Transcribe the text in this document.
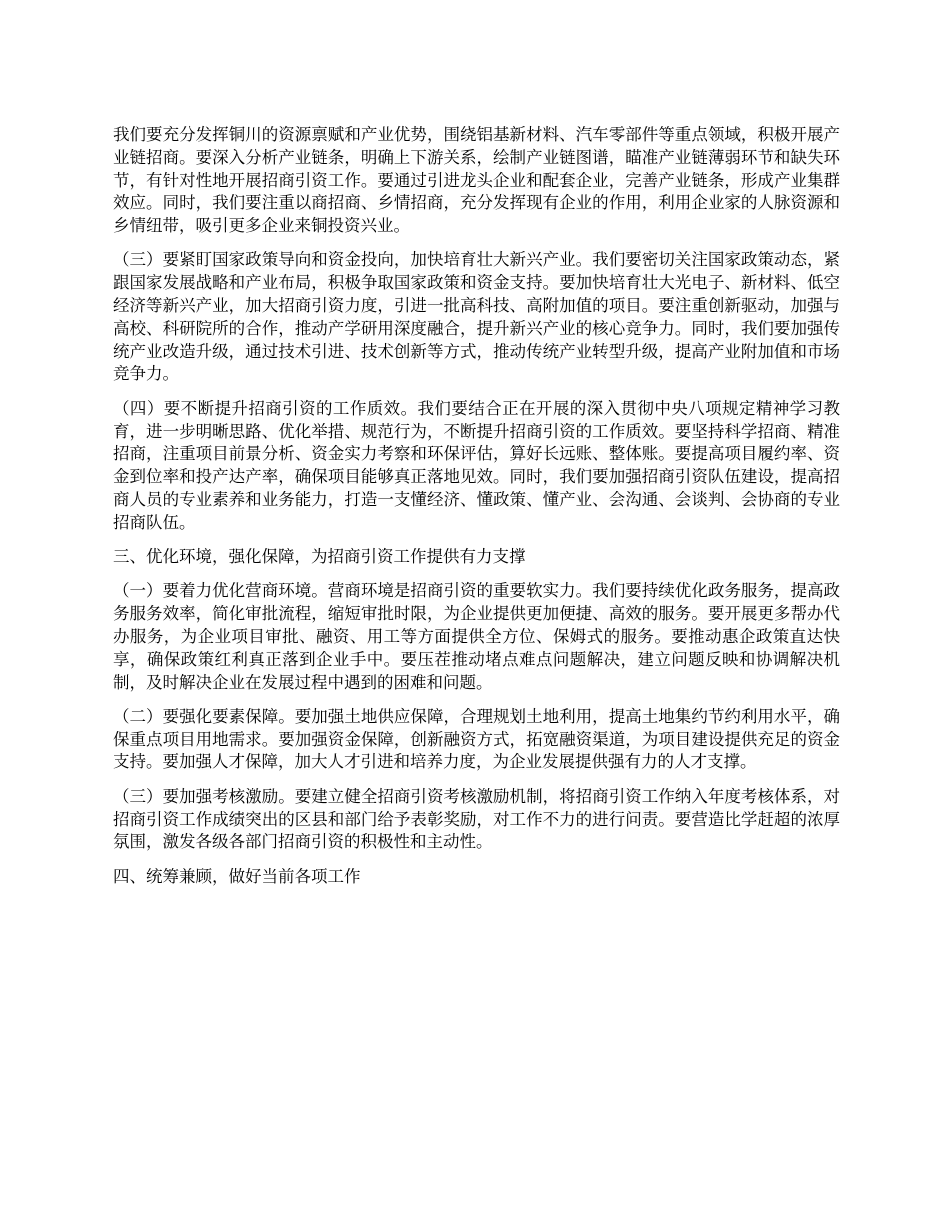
我们要充分发挥铜川的资源禀赋和产业优势，围绕铝基新材料、汽车零部件等重点领域，积极开展产业链招商。要深入分析产业链条，明确上下游关系，绘制产业链图谱，瞄准产业链薄弱环节和缺失环节，有针对性地开展招商引资工作。要通过引进龙头企业和配套企业，完善产业链条，形成产业集群效应。同时，我们要注重以商招商、乡情招商，充分发挥现有企业的作用，利用企业家的人脉资源和乡情纽带，吸引更多企业来铜投资兴业。

（三）要紧盯国家政策导向和资金投向，加快培育壮大新兴产业。我们要密切关注国家政策动态，紧跟国家发展战略和产业布局，积极争取国家政策和资金支持。要加快培育壮大光电子、新材料、低空经济等新兴产业，加大招商引资力度，引进一批高科技、高附加值的项目。要注重创新驱动，加强与高校、科研院所的合作，推动产学研用深度融合，提升新兴产业的核心竞争力。同时，我们要加强传统产业改造升级，通过技术引进、技术创新等方式，推动传统产业转型升级，提高产业附加值和市场竞争力。

（四）要不断提升招商引资的工作质效。我们要结合正在开展的深入贯彻中央八项规定精神学习教育，进一步明晰思路、优化举措、规范行为，不断提升招商引资的工作质效。要坚持科学招商、精准招商，注重项目前景分析、资金实力考察和环保评估，算好长远账、整体账。要提高项目履约率、资金到位率和投产达产率，确保项目能够真正落地见效。同时，我们要加强招商引资队伍建设，提高招商人员的专业素养和业务能力，打造一支懂经济、懂政策、懂产业、会沟通、会谈判、会协商的专业招商队伍。

三、优化环境，强化保障，为招商引资工作提供有力支撑

（一）要着力优化营商环境。营商环境是招商引资的重要软实力。我们要持续优化政务服务，提高政务服务效率，简化审批流程，缩短审批时限，为企业提供更加便捷、高效的服务。要开展更多帮办代办服务，为企业项目审批、融资、用工等方面提供全方位、保姆式的服务。要推动惠企政策直达快享，确保政策红利真正落到企业手中。要压茬推动堵点难点问题解决，建立问题反映和协调解决机制，及时解决企业在发展过程中遇到的困难和问题。

（二）要强化要素保障。要加强土地供应保障，合理规划土地利用，提高土地集约节约利用水平，确保重点项目用地需求。要加强资金保障，创新融资方式，拓宽融资渠道，为项目建设提供充足的资金支持。要加强人才保障，加大人才引进和培养力度，为企业发展提供强有力的人才支撑。

（三）要加强考核激励。要建立健全招商引资考核激励机制，将招商引资工作纳入年度考核体系，对招商引资工作成绩突出的区县和部门给予表彰奖励，对工作不力的进行问责。要营造比学赶超的浓厚氛围，激发各级各部门招商引资的积极性和主动性。

四、统筹兼顾，做好当前各项工作
